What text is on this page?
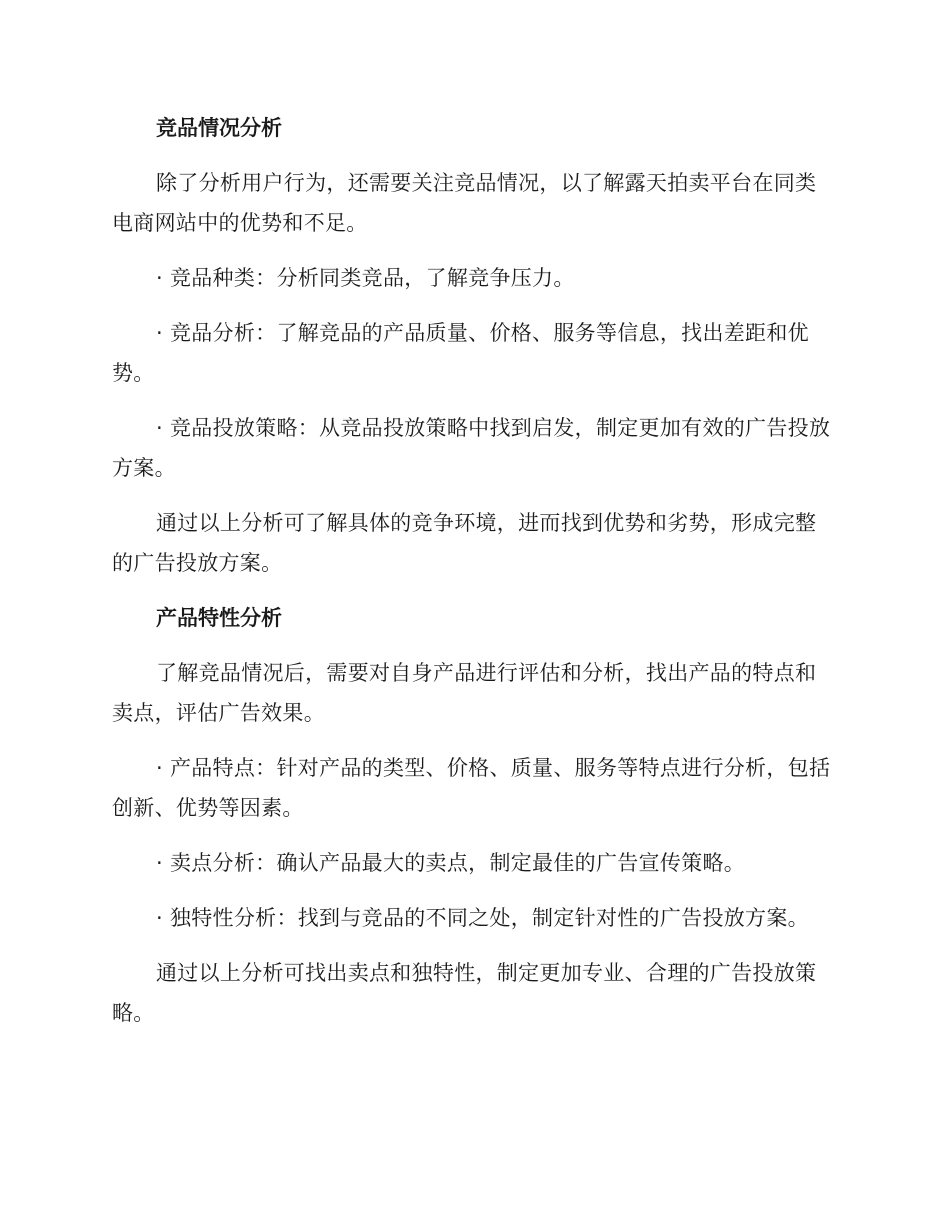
竞品情况分析

除了分析用户行为，还需要关注竞品情况，以了解露天拍卖平台在同类电商网站中的优势和不足。

· 竞品种类：分析同类竞品，了解竞争压力。

· 竞品分析：了解竞品的产品质量、价格、服务等信息，找出差距和优势。

· 竞品投放策略：从竞品投放策略中找到启发，制定更加有效的广告投放方案。

通过以上分析可了解具体的竞争环境，进而找到优势和劣势，形成完整的广告投放方案。

产品特性分析

了解竞品情况后，需要对自身产品进行评估和分析，找出产品的特点和卖点，评估广告效果。

· 产品特点：针对产品的类型、价格、质量、服务等特点进行分析，包括创新、优势等因素。

· 卖点分析：确认产品最大的卖点，制定最佳的广告宣传策略。

· 独特性分析：找到与竞品的不同之处，制定针对性的广告投放方案。

通过以上分析可找出卖点和独特性，制定更加专业、合理的广告投放策略。
